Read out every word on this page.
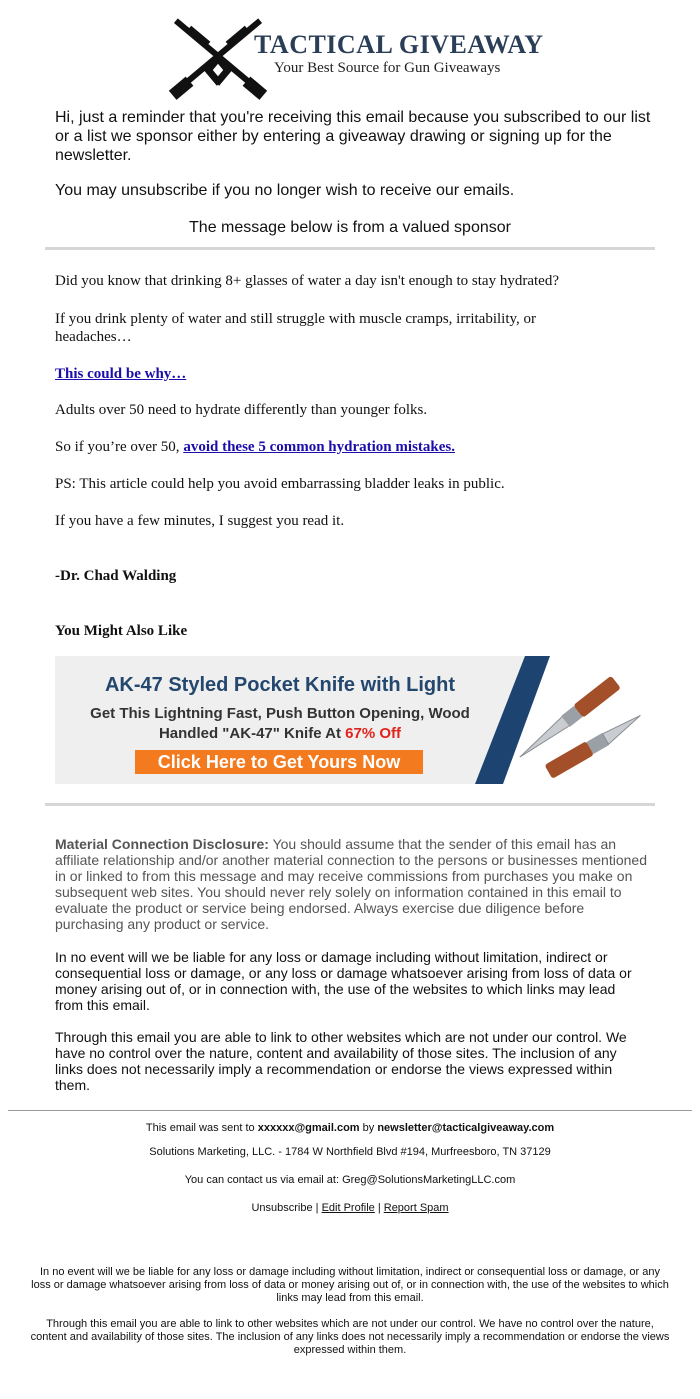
TACTICAL GIVEAWAY
Your Best Source for Gun Giveaways
Hi, just a reminder that you're receiving this email because you subscribed to our list or a list we sponsor either by entering a giveaway drawing or signing up for the newsletter.
You may unsubscribe if you no longer wish to receive our emails.
The message below is from a valued sponsor
Did you know that drinking 8+ glasses of water a day isn't enough to stay hydrated?
If you drink plenty of water and still struggle with muscle cramps, irritability, or headaches…
This could be why…
Adults over 50 need to hydrate differently than younger folks.
So if you’re over 50, avoid these 5 common hydration mistakes.
PS: This article could help you avoid embarrassing bladder leaks in public.
If you have a few minutes, I suggest you read it.
-Dr. Chad Walding
You Might Also Like
AK-47 Styled Pocket Knife with Light
Get This Lightning Fast, Push Button Opening, Wood
Handled "AK-47" Knife At 67% Off
Click Here to Get Yours Now
Material Connection Disclosure: You should assume that the sender of this email has an affiliate relationship and/or another material connection to the persons or businesses mentioned in or linked to from this message and may receive commissions from purchases you make on subsequent web sites. You should never rely solely on information contained in this email to evaluate the product or service being endorsed. Always exercise due diligence before purchasing any product or service.
In no event will we be liable for any loss or damage including without limitation, indirect or consequential loss or damage, or any loss or damage whatsoever arising from loss of data or money arising out of, or in connection with, the use of the websites to which links may lead from this email.
Through this email you are able to link to other websites which are not under our control. We have no control over the nature, content and availability of those sites. The inclusion of any links does not necessarily imply a recommendation or endorse the views expressed within them.
This email was sent to xxxxxx@gmail.com by newsletter@tacticalgiveaway.com
Solutions Marketing, LLC. - 1784 W Northfield Blvd #194, Murfreesboro, TN 37129
You can contact us via email at: Greg@SolutionsMarketingLLC.com
Unsubscribe | Edit Profile | Report Spam
In no event will we be liable for any loss or damage including without limitation, indirect or consequential loss or damage, or any loss or damage whatsoever arising from loss of data or money arising out of, or in connection with, the use of the websites to which links may lead from this email.
Through this email you are able to link to other websites which are not under our control. We have no control over the nature, content and availability of those sites. The inclusion of any links does not necessarily imply a recommendation or endorse the views expressed within them.
